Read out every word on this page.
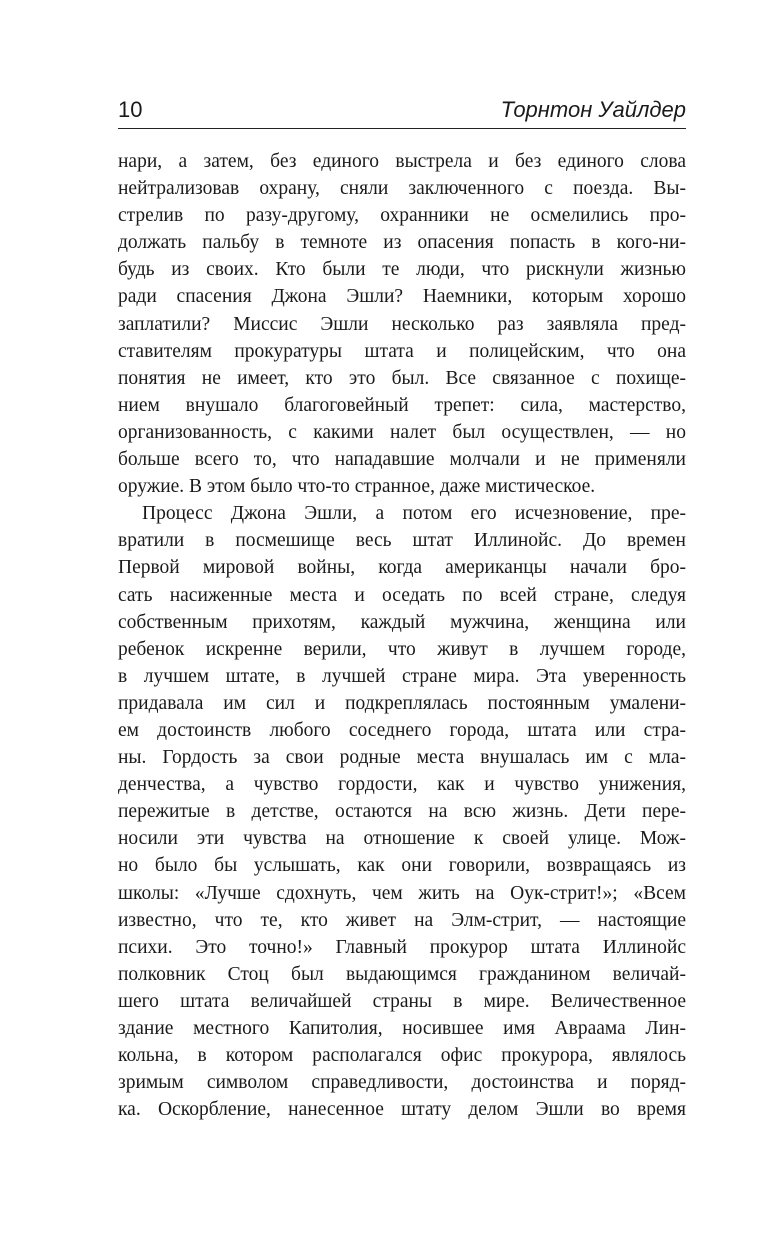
10	Торнтон Уайлдер
нари, а затем, без единого выстрела и без единого слова
нейтрализовав охрану, сняли заключенного с поезда. Вы-
стрелив по разу-другому, охранники не осмелились про-
должать пальбу в темноте из опасения попасть в кого-ни-
будь из своих. Кто были те люди, что рискнули жизнью
ради спасения Джона Эшли? Наемники, которым хорошо
заплатили? Миссис Эшли несколько раз заявляла пред-
ставителям прокуратуры штата и полицейским, что она
понятия не имеет, кто это был. Все связанное с похище-
нием внушало благоговейный трепет: сила, мастерство,
организованность, с какими налет был осуществлен, — но
больше всего то, что нападавшие молчали и не применяли
оружие. В этом было что-то странное, даже мистическое.
Процесс Джона Эшли, а потом его исчезновение, пре-
вратили в посмешище весь штат Иллинойс. До времен
Первой мировой войны, когда американцы начали бро-
сать насиженные места и оседать по всей стране, следуя
собственным прихотям, каждый мужчина, женщина или
ребенок искренне верили, что живут в лучшем городе,
в лучшем штате, в лучшей стране мира. Эта уверенность
придавала им сил и подкреплялась постоянным умалени-
ем достоинств любого соседнего города, штата или стра-
ны. Гордость за свои родные места внушалась им с мла-
денчества, а чувство гордости, как и чувство унижения,
пережитые в детстве, остаются на всю жизнь. Дети пере-
носили эти чувства на отношение к своей улице. Мож-
но было бы услышать, как они говорили, возвращаясь из
школы: «Лучше сдохнуть, чем жить на Оук-стрит!»; «Всем
известно, что те, кто живет на Элм-стрит, — настоящие
психи. Это точно!» Главный прокурор штата Иллинойс
полковник Стоц был выдающимся гражданином величай-
шего штата величайшей страны в мире. Величественное
здание местного Капитолия, носившее имя Авраама Лин-
кольна, в котором располагался офис прокурора, являлось
зримым символом справедливости, достоинства и поряд-
ка. Оскорбление, нанесенное штату делом Эшли во время
